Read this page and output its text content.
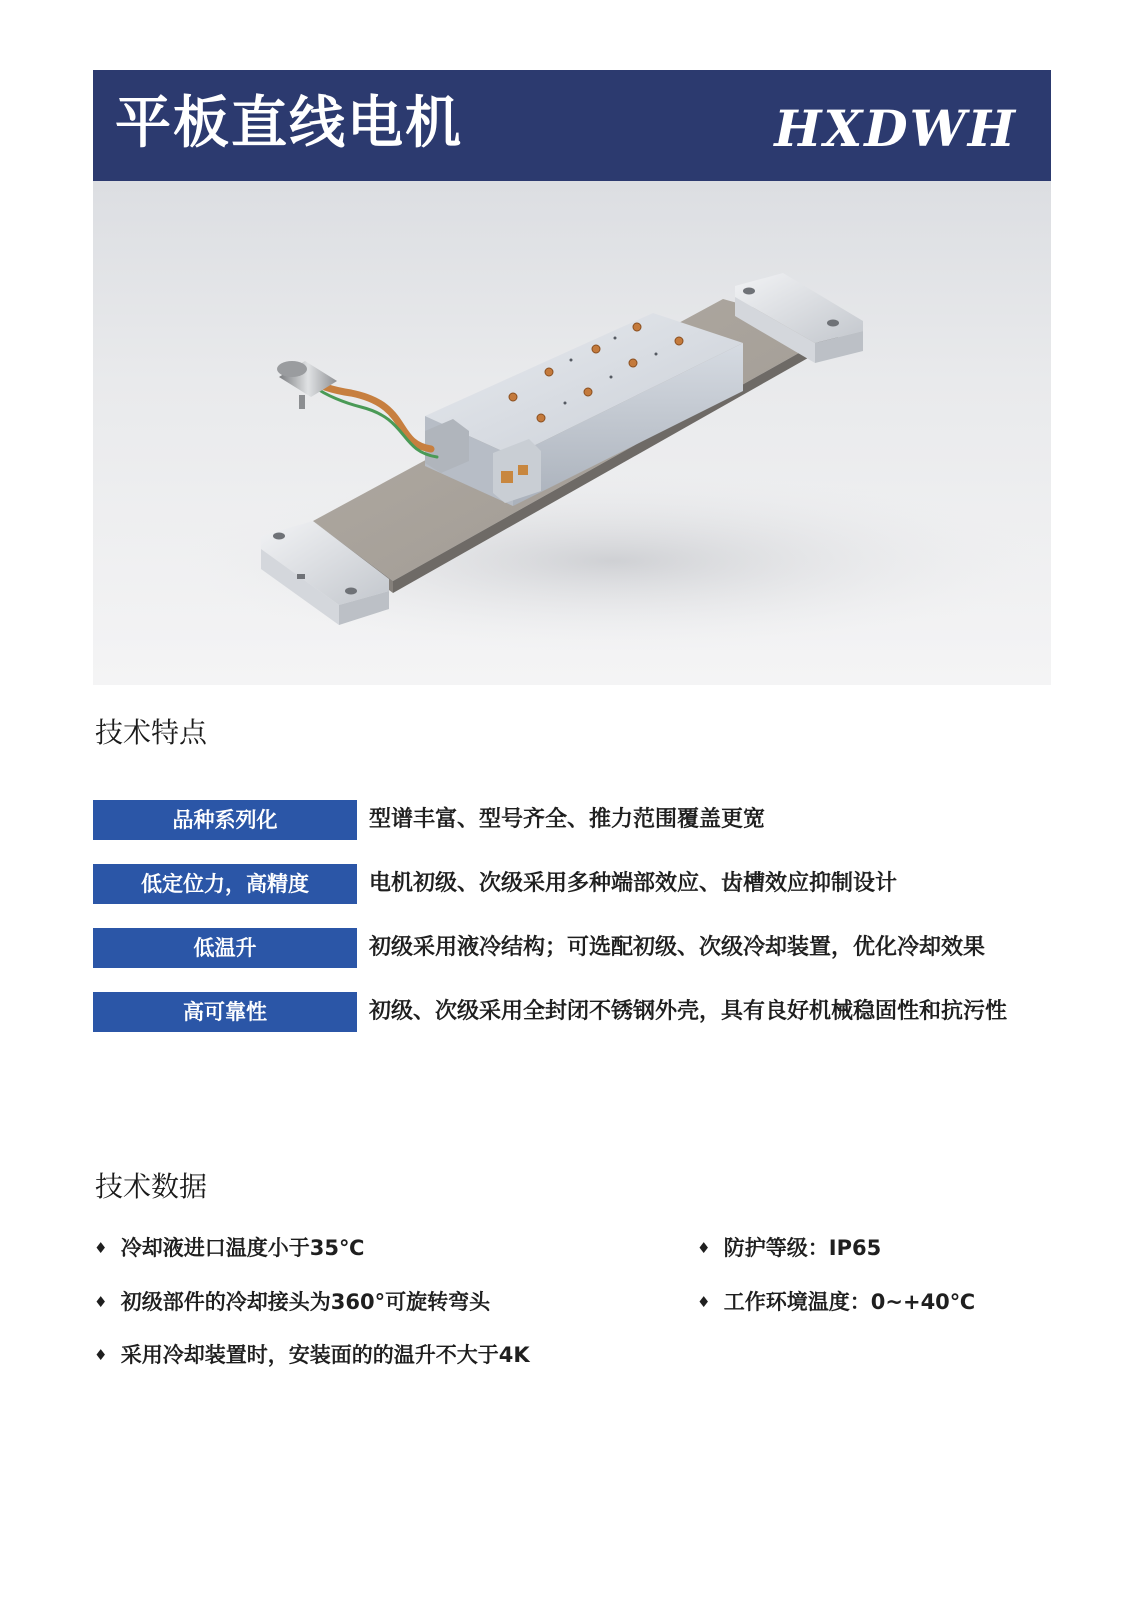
平板直线电机	HXDWH
技术特点
品种系列化	型谱丰富、型号齐全、推力范围覆盖更宽
低定位力，高精度	电机初级、次级采用多种端部效应、齿槽效应抑制设计
低温升	初级采用液冷结构；可选配初级、次级冷却装置，优化冷却效果
高可靠性	初级、次级采用全封闭不锈钢外壳，具有良好机械稳固性和抗污性
技术数据
♦ 冷却液进口温度小于35℃
♦ 初级部件的冷却接头为360°可旋转弯头
♦ 采用冷却装置时，安装面的的温升不大于4K
♦ 防护等级：IP65
♦ 工作环境温度：0~+40℃
